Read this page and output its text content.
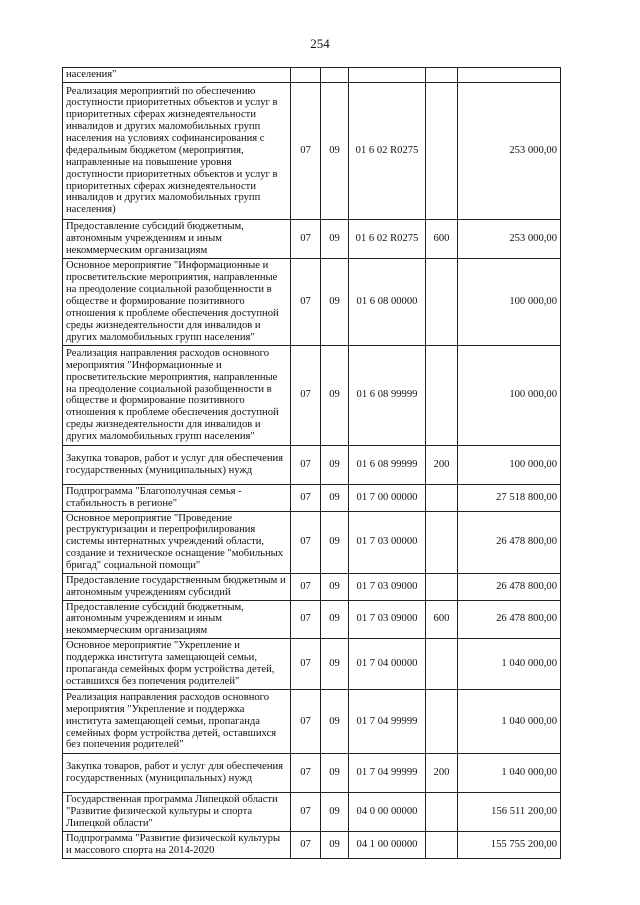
254
населения"					
Реализация мероприятий по обеспечению доступности приоритетных объектов и услуг в приоритетных сферах жизнедеятельности инвалидов и других маломобильных групп населения на условиях софинансирования с федеральным бюджетом (мероприятия, направленные на повышение уровня доступности приоритетных объектов и услуг в приоритетных сферах жизнедеятельности инвалидов и других маломобильных групп населения)	07	09	01 6 02 R0275		253 000,00
Предоставление субсидий бюджетным, автономным учреждениям и иным некоммерческим организациям	07	09	01 6 02 R0275	600	253 000,00
Основное мероприятие "Информационные и просветительские мероприятия, направленные на преодоление социальной разобщенности в обществе и формирование позитивного отношения к проблеме обеспечения доступной среды жизнедеятельности для инвалидов и других маломобильных групп населения"	07	09	01 6 08 00000		100 000,00
Реализация направления расходов основного мероприятия "Информационные и просветительские мероприятия, направленные на преодоление социальной разобщенности в обществе и формирование позитивного отношения к проблеме обеспечения доступной среды жизнедеятельности для инвалидов и других маломобильных групп населения"	07	09	01 6 08 99999		100 000,00
Закупка товаров, работ и услуг для обеспечения государственных (муниципальных) нужд	07	09	01 6 08 99999	200	100 000,00
Подпрограмма "Благополучная семья - стабильность в регионе"	07	09	01 7 00 00000		27 518 800,00
Основное мероприятие "Проведение реструктуризации и перепрофилирования системы интернатных учреждений области, создание и техническое оснащение "мобильных бригад" социальной помощи"	07	09	01 7 03 00000		26 478 800,00
Предоставление государственным бюджетным и автономным учреждениям субсидий	07	09	01 7 03 09000		26 478 800,00
Предоставление субсидий бюджетным, автономным учреждениям и иным некоммерческим организациям	07	09	01 7 03 09000	600	26 478 800,00
Основное мероприятие "Укрепление и поддержка института замещающей семьи, пропаганда семейных форм устройства детей, оставшихся без попечения родителей"	07	09	01 7 04 00000		1 040 000,00
Реализация направления расходов основного мероприятия "Укрепление и поддержка института замещающей семьи, пропаганда семейных форм устройства детей, оставшихся без попечения родителей"	07	09	01 7 04 99999		1 040 000,00
Закупка товаров, работ и услуг для обеспечения государственных (муниципальных) нужд	07	09	01 7 04 99999	200	1 040 000,00
Государственная программа Липецкой области "Развитие физической культуры и спорта Липецкой области"	07	09	04 0 00 00000		156 511 200,00
Подпрограмма "Развитие физической культуры и массового спорта на 2014-2020	07	09	04 1 00 00000		155 755 200,00
